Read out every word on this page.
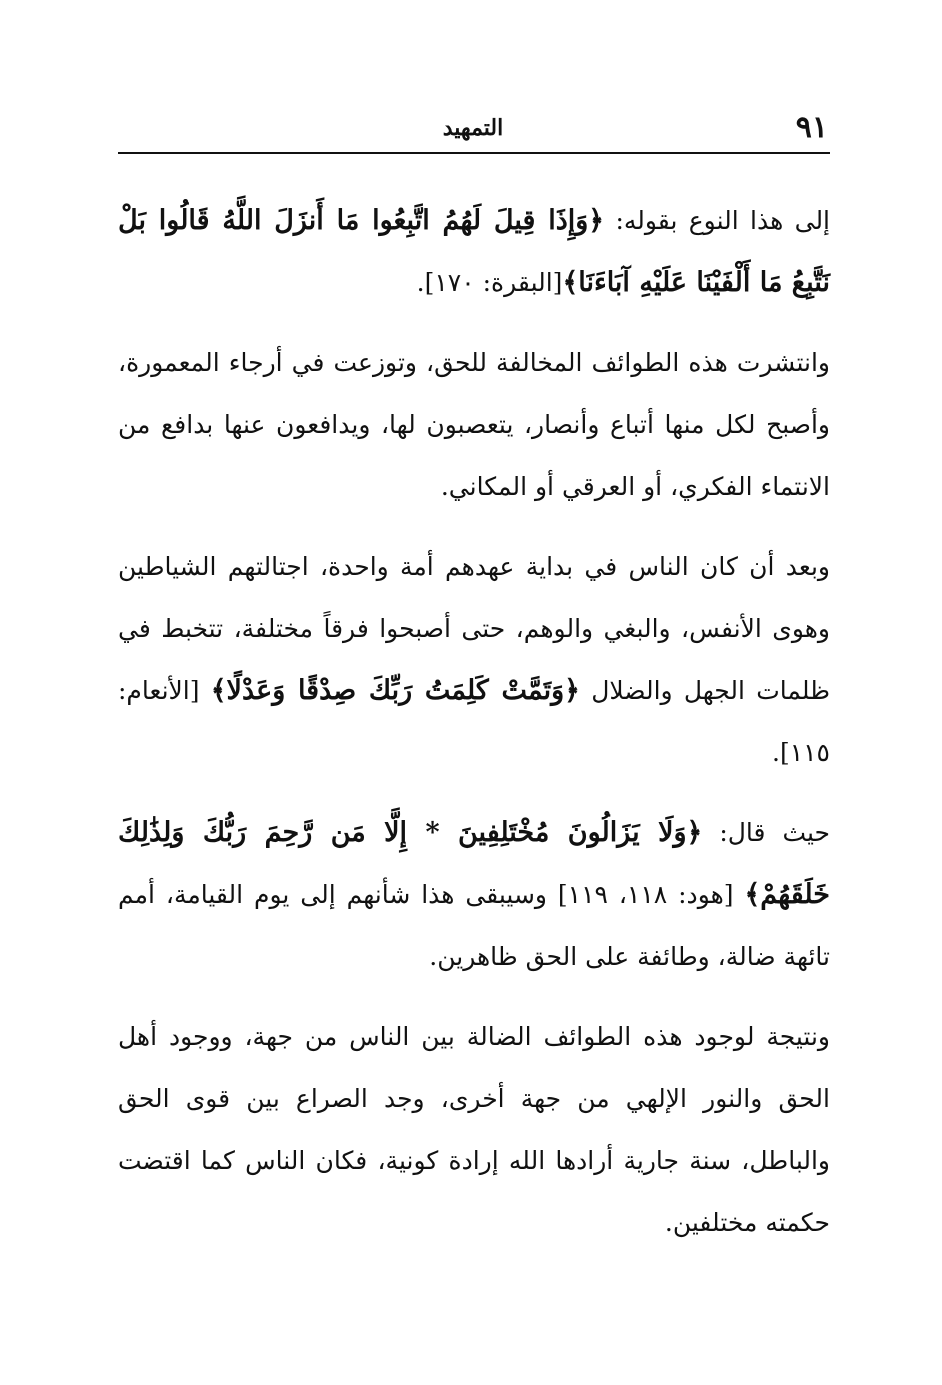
٩١
التمهيد

إلى هذا النوع بقوله: ﴿وَإِذَا قِيلَ لَهُمُ اتَّبِعُوا مَا أَنزَلَ اللَّهُ قَالُوا بَلْ نَتَّبِعُ مَا أَلْفَيْنَا عَلَيْهِ آبَاءَنَا﴾[البقرة: ١٧٠].

وانتشرت هذه الطوائف المخالفة للحق، وتوزعت في أرجاء المعمورة، وأصبح لكل منها أتباع وأنصار، يتعصبون لها، ويدافعون عنها بدافع من الانتماء الفكري، أو العرقي أو المكاني.

وبعد أن كان الناس في بداية عهدهم أمة واحدة، اجتالتهم الشياطين وهوى الأنفس، والبغي والوهم، حتى أصبحوا فرقاً مختلفة، تتخبط في ظلمات الجهل والضلال ﴿وَتَمَّتْ كَلِمَتُ رَبِّكَ صِدْقًا وَعَدْلًا﴾ [الأنعام: ١١٥].

حيث قال: ﴿وَلَا يَزَالُونَ مُخْتَلِفِينَ * إِلَّا مَن رَّحِمَ رَبُّكَ وَلِذَٰلِكَ خَلَقَهُمْ﴾ [هود: ١١٨، ١١٩] وسيبقى هذا شأنهم إلى يوم القيامة، أمم تائهة ضالة، وطائفة على الحق ظاهرين.

ونتيجة لوجود هذه الطوائف الضالة بين الناس من جهة، ووجود أهل الحق والنور الإلهي من جهة أخرى، وجد الصراع بين قوى الحق والباطل، سنة جارية أرادها الله إرادة كونية، فكان الناس كما اقتضت حكمته مختلفين.
